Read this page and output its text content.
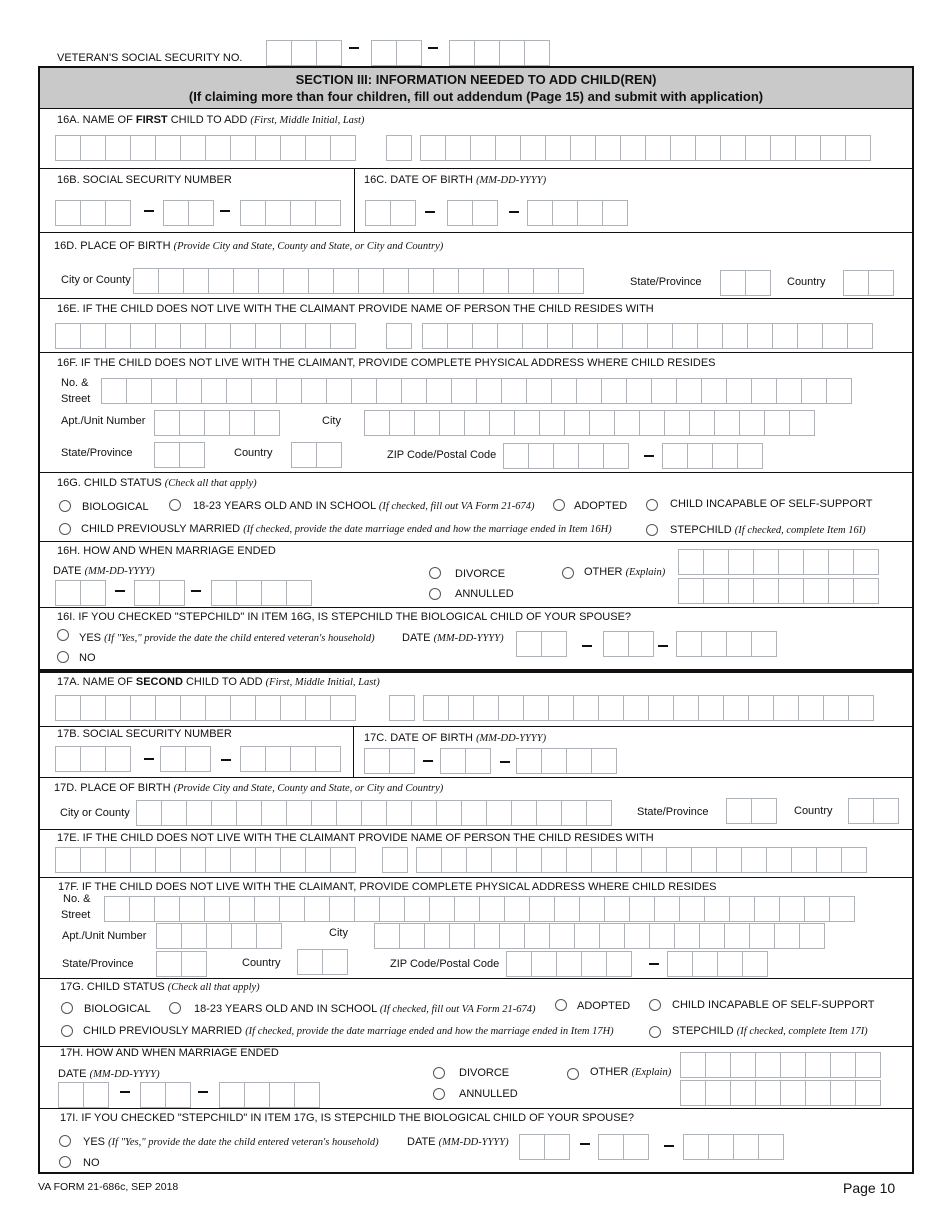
VETERAN'S SOCIAL SECURITY NO.
SECTION III: INFORMATION NEEDED TO ADD CHILD(REN)
(If claiming more than four children, fill out addendum (Page 15) and submit with application)
16A. NAME OF FIRST CHILD TO ADD (First, Middle Initial, Last)
16B. SOCIAL SECURITY NUMBER	16C. DATE OF BIRTH (MM-DD-YYYY)
16D. PLACE OF BIRTH (Provide City and State, County and State, or City and Country)
City or County	State/Province	Country
16E. IF THE CHILD DOES NOT LIVE WITH THE CLAIMANT PROVIDE NAME OF PERSON THE CHILD RESIDES WITH
16F. IF THE CHILD DOES NOT LIVE WITH THE CLAIMANT, PROVIDE COMPLETE PHYSICAL ADDRESS WHERE CHILD RESIDES
No. &
Street
Apt./Unit Number	City
State/Province	Country	ZIP Code/Postal Code
16G. CHILD STATUS (Check all that apply)
BIOLOGICAL	18-23 YEARS OLD AND IN SCHOOL (If checked, fill out VA Form 21-674)	ADOPTED	CHILD INCAPABLE OF SELF-SUPPORT
CHILD PREVIOUSLY MARRIED (If checked, provide the date marriage ended and how the marriage ended in Item 16H)	STEPCHILD (If checked, complete Item 16I)
16H. HOW AND WHEN MARRIAGE ENDED
DATE (MM-DD-YYYY)	DIVORCE
ANNULLED
OTHER (Explain)
16I. IF YOU CHECKED "STEPCHILD" IN ITEM 16G, IS STEPCHILD THE BIOLOGICAL CHILD OF YOUR SPOUSE?
YES (If "Yes," provide the date the child entered veteran's household) DATE (MM-DD-YYYY)
NO
17A. NAME OF SECOND CHILD TO ADD (First, Middle Initial, Last)
17B. SOCIAL SECURITY NUMBER	17C. DATE OF BIRTH (MM-DD-YYYY)
17D. PLACE OF BIRTH (Provide City and State, County and State, or City and Country)
City or County	State/Province	Country
17E. IF THE CHILD DOES NOT LIVE WITH THE CLAIMANT PROVIDE NAME OF PERSON THE CHILD RESIDES WITH
17F. IF THE CHILD DOES NOT LIVE WITH THE CLAIMANT, PROVIDE COMPLETE PHYSICAL ADDRESS WHERE CHILD RESIDES
No. &
Street
Apt./Unit Number	City
State/Province	Country	ZIP Code/Postal Code
17G. CHILD STATUS (Check all that apply)
BIOLOGICAL	18-23 YEARS OLD AND IN SCHOOL (If checked, fill out VA Form 21-674)	ADOPTED	CHILD INCAPABLE OF SELF-SUPPORT
CHILD PREVIOUSLY MARRIED (If checked, provide the date marriage ended and how the marriage ended in Item 17H)	STEPCHILD (If checked, complete Item 17I)
17H. HOW AND WHEN MARRIAGE ENDED
DATE (MM-DD-YYYY)	DIVORCE
ANNULLED
OTHER (Explain)
17I. IF YOU CHECKED "STEPCHILD" IN ITEM 17G, IS STEPCHILD THE BIOLOGICAL CHILD OF YOUR SPOUSE?
YES (If "Yes," provide the date the child entered veteran's household)	DATE (MM-DD-YYYY)
NO
VA FORM 21-686c, SEP 2018	Page 10
